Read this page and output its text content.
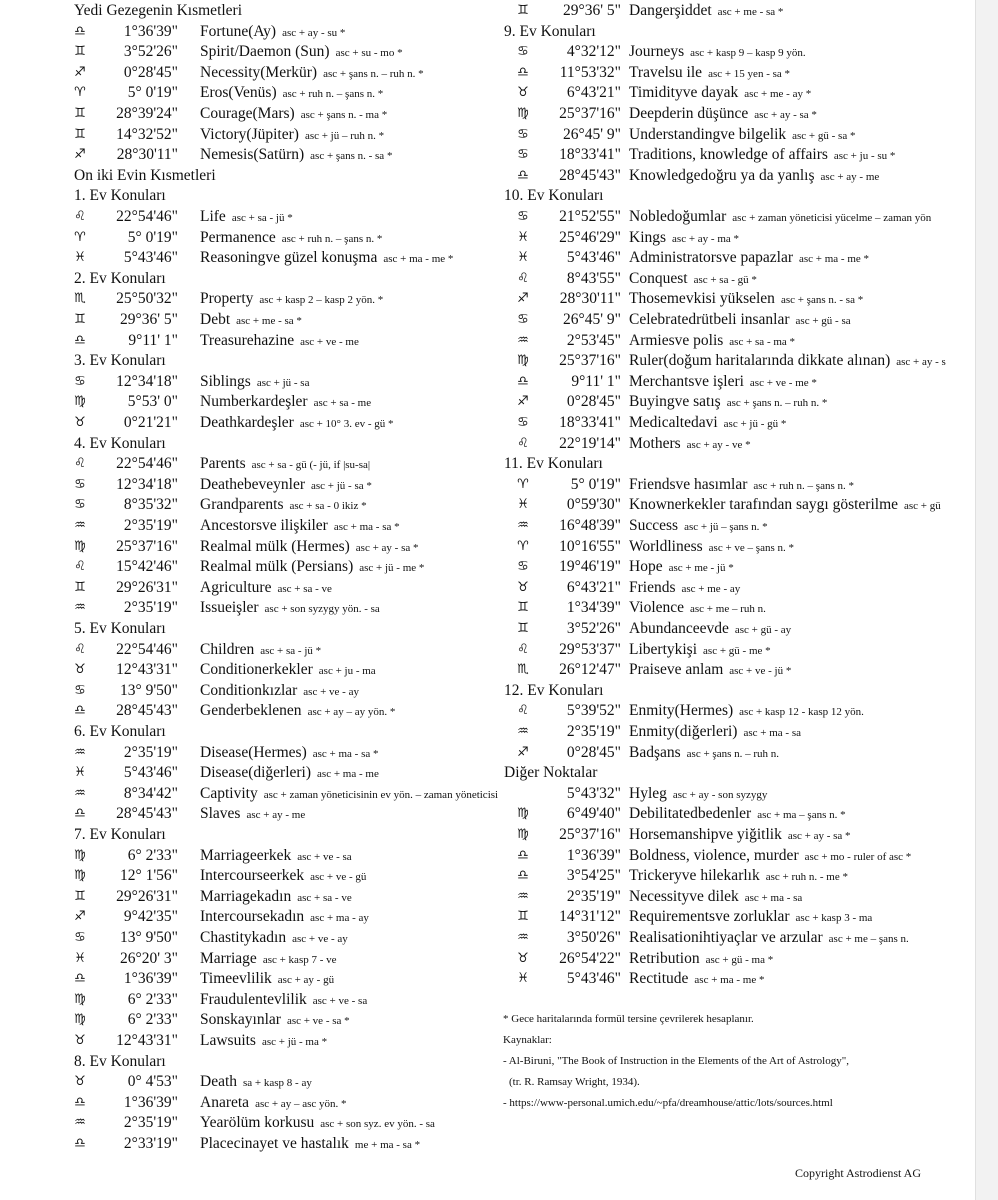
Yedi Gezegenin Kısmetleri
♎	1°36'39" Fortune(Ay) asc + ay - su *
♊	3°52'26" Spirit/Daemon (Sun) asc + su - mo *
♐	0°28'45" Necessity(Merkür) asc + şans n. – ruh n. *
♈	5° 0'19" Eros(Venüs) asc + ruh n. – şans n. *
♊	28°39'24" Courage(Mars) asc + şans n. - ma *
♊	14°32'52" Victory(Jüpiter) asc + jü – ruh n. *
♐	28°30'11" Nemesis(Satürn) asc + şans n. - sa *
On iki Evin Kısmetleri
1. Ev Konuları
♌	22°54'46" Life asc + sa - jü *
♈	5° 0'19" Permanence asc + ruh n. – şans n. *
♓	5°43'46" Reasoningve güzel konuşma asc + ma - me *
2. Ev Konuları
♏	25°50'32" Property asc + kasp 2 – kasp 2 yön. *
♊	29°36' 5" Debt asc + me - sa *
♎	9°11' 1" Treasurehazine asc + ve - me
3. Ev Konuları
♋	12°34'18" Siblings asc + jü - sa
♍	5°53' 0" Numberkardeşler asc + sa - me
♉	0°21'21" Deathkardeşler asc + 10° 3. ev - gü *
4. Ev Konuları
♌	22°54'46" Parents asc + sa - gü (- jü, if |su-sa|
♋	12°34'18" Deathebeveynler asc + jü - sa *
♋	8°35'32" Grandparents asc + sa - 0 ikiz *
♒	2°35'19" Ancestorsve ilişkiler asc + ma - sa *
♍	25°37'16" Realmal mülk (Hermes) asc + ay - sa *
♌	15°42'46" Realmal mülk (Persians) asc + jü - me *
♊	29°26'31" Agriculture asc + sa - ve
♒	2°35'19" Issueişler asc + son syzygy yön. - sa
5. Ev Konuları
♌	22°54'46" Children asc + sa - jü *
♉	12°43'31" Conditionerkekler asc + ju - ma
♋	13° 9'50" Conditionkızlar asc + ve - ay
♎	28°45'43" Genderbeklenen asc + ay – ay yön. *
6. Ev Konuları
♒	2°35'19" Disease(Hermes) asc + ma - sa *
♓	5°43'46" Disease(diğerleri) asc + ma - me
♒	8°34'42" Captivity asc + zaman yöneticisinin ev yön. – zaman yöneticisi
♎	28°45'43" Slaves asc + ay - me
7. Ev Konuları
♍	6° 2'33" Marriageerkek asc + ve - sa
♍	12° 1'56" Intercourseerkek asc + ve - gü
♊	29°26'31" Marriagekadın asc + sa - ve
♐	9°42'35" Intercoursekadın asc + ma - ay
♋	13° 9'50" Chastitykadın asc + ve - ay
♓	26°20' 3" Marriage asc + kasp 7 - ve
♎	1°36'39" Timeevlilik asc + ay - gü
♍	6° 2'33" Fraudulentevlilik asc + ve - sa
♍	6° 2'33" Sonskayınlar asc + ve - sa *
♉	12°43'31" Lawsuits asc + jü - ma *
8. Ev Konuları
♉	0° 4'53" Death sa + kasp 8 - ay
♎	1°36'39" Anareta asc + ay – asc yön. *
♒	2°35'19" Yearölüm korkusu asc + son syz. ev yön. - sa
♎	2°33'19" Placecinayet ve hastalık me + ma - sa *
♊	29°36' 5" Dangerşiddet asc + me - sa *
9. Ev Konuları
♋	4°32'12" Journeys asc + kasp 9 – kasp 9 yön.
♎	11°53'32" Travelsu ile asc + 15 yen - sa *
♉	6°43'21" Timidityve dayak asc + me - ay *
♍	25°37'16" Deepderin düşünce asc + ay - sa *
♋	26°45' 9" Understandingve bilgelik asc + gü - sa *
♋	18°33'41" Traditions, knowledge of affairs asc + ju - su *
♎	28°45'43" Knowledgedoğru ya da yanlış asc + ay - me
10. Ev Konuları
♋	21°52'55" Nobledoğumlar asc + zaman yöneticisi yücelme – zaman yön
♓	25°46'29" Kings asc + ay - ma *
♓	5°43'46" Administratorsve papazlar asc + ma - me *
♌	8°43'55" Conquest asc + sa - gü *
♐	28°30'11" Thosemevkisi yükselen asc + şans n. - sa *
♋	26°45' 9" Celebratedrütbeli insanlar asc + gü - sa
♒	2°53'45" Armiesve polis asc + sa - ma *
♍	25°37'16" Ruler(doğum haritalarında dikkate alınan) asc + ay - s
♎	9°11' 1" Merchantsve işleri asc + ve - me *
♐	0°28'45" Buyingve satış asc + şans n. – ruh n. *
♋	18°33'41" Medicaltedavi asc + jü - gü *
♌	22°19'14" Mothers asc + ay - ve *
11. Ev Konuları
♈	5° 0'19" Friendsve hasımlar asc + ruh n. – şans n. *
♓	0°59'30" Knownerkekler tarafından saygı gösterilme asc + gü
♒	16°48'39" Success asc + jü – şans n. *
♈	10°16'55" Worldliness asc + ve – şans n. *
♋	19°46'19" Hope asc + me - jü *
♉	6°43'21" Friends asc + me - ay
♊	1°34'39" Violence asc + me – ruh n.
♊	3°52'26" Abundanceevde asc + gü - ay
♌	29°53'37" Libertykişi asc + gü - me *
♏	26°12'47" Praiseve anlam asc + ve - jü *
12. Ev Konuları
♌	5°39'52" Enmity(Hermes) asc + kasp 12 - kasp 12 yön.
♒	2°35'19" Enmity(diğerleri) asc + ma - sa
♐	0°28'45" Badşans asc + şans n. – ruh n.
Diğer Noktalar
5°43'32" Hyleg asc + ay - son syzygy
♍	6°49'40" Debilitatedbedenler asc + ma – şans n. *
♍	25°37'16" Horsemanshipve yiğitlik asc + ay - sa *
♎	1°36'39" Boldness, violence, murder asc + mo - ruler of asc *
♎	3°54'25" Trickeryve hilekarlık asc + ruh n. - me *
♒	2°35'19" Necessityve dilek asc + ma - sa
♊	14°31'12" Requirementsve zorluklar asc + kasp 3 - ma
♒	3°50'26" Realisationihtiyaçlar ve arzular asc + me – şans n.
♉	26°54'22" Retribution asc + gü - ma *
♓	5°43'46" Rectitude asc + ma - me *
* Gece haritalarında formül tersine çevrilerek hesaplanır.
Kaynaklar:
- Al-Biruni, "The Book of Instruction in the Elements of the Art of Astrology",
(tr. R. Ramsay Wright, 1934).
- https://www-personal.umich.edu/~pfa/dreamhouse/attic/lots/sources.html
Copyright Astrodienst AG
